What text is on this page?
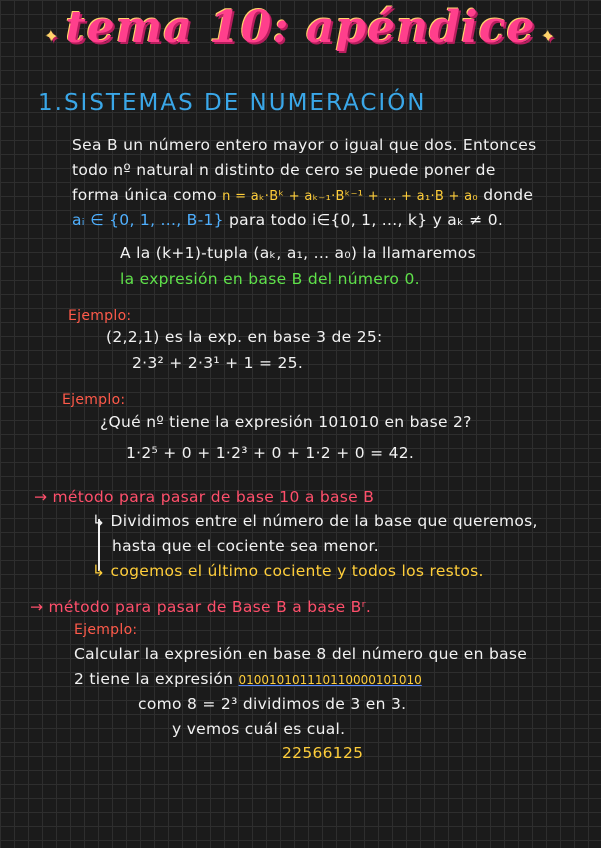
✦ tema 10: apéndice ✦
1.SISTEMAS DE NUMERACIÓN
Sea B un número entero mayor o igual que dos. Entonces
todo nº natural n distinto de cero se puede poner de
forma única como n = aₖ·Bᵏ + aₖ₋₁·Bᵏ⁻¹ + ... + a₁·B + a₀ donde
aᵢ ∈ {0, 1, ..., B-1} para todo i∈{0, 1, ..., k} y aₖ ≠ 0.
A la (k+1)-tupla (aₖ, a₁, ... a₀) la llamaremos
la expresión en base B del número 0.
Ejemplo:
(2,2,1) es la exp. en base 3 de 25:
2·3² + 2·3¹ + 1 = 25.
Ejemplo:
¿Qué nº tiene la expresión 101010 en base 2?
1·2⁵ + 0 + 1·2³ + 0 + 1·2 + 0 = 42.
→ método para pasar de base 10 a base B
↳ Dividimos entre el número de la base que queremos,
hasta que el cociente sea menor.
↳ cogemos el último cociente y todos los restos.
→ método para pasar de Base B a base Bʳ.
Ejemplo:
Calcular la expresión en base 8 del número que en base
2 tiene la expresión 010010101110110000101010
como 8 = 2³ dividimos de 3 en 3.
y vemos cuál es cual.
22566125
